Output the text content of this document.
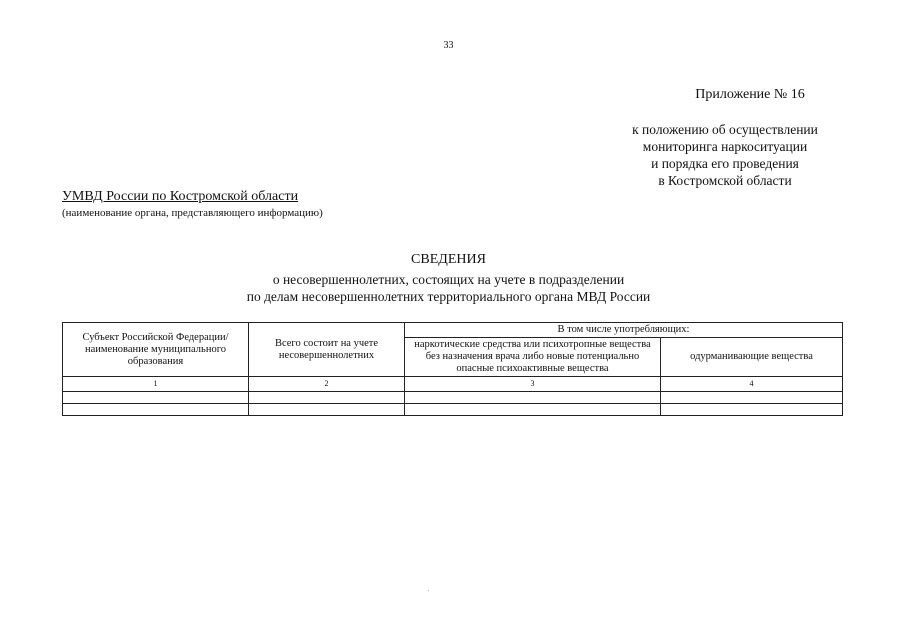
33
Приложение № 16
к положению об осуществлении
мониторинга наркоситуации
и порядка его проведения
в Костромской области
УМВД России по Костромской области
(наименование органа, представляющего информацию)
СВЕДЕНИЯ
о несовершеннолетних, состоящих на учете в подразделении
по делам несовершеннолетних территориального органа МВД России
Субъект Российской Федерации/ наименование муниципального образования	Всего состоит на учете несовершеннолетних	В том числе употребляющих:	
		наркотические средства или психотропные вещества без назначения врача либо новые потенциально опасные психоактивные вещества	одурманивающие вещества
1	2	3	4
